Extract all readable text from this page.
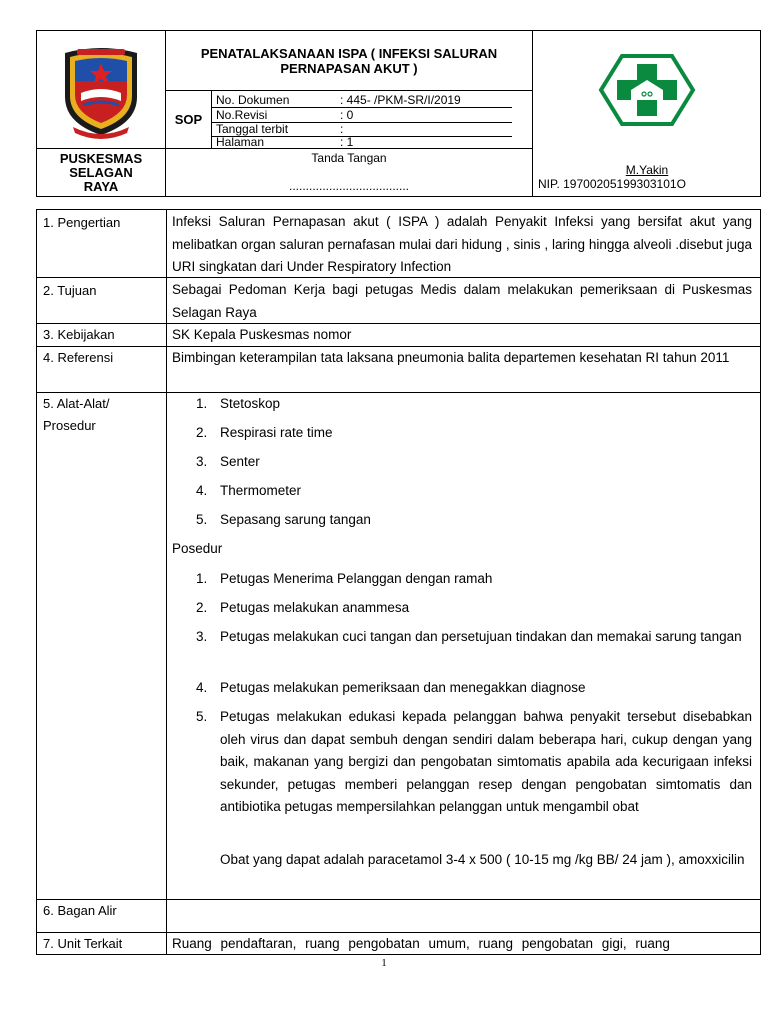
PENATALAKSANAAN ISPA ( INFEKSI SALURAN PERNAPASAN AKUT )
SOP
No. Dokumen	: 445- /PKM-SR/I/2019
No.Revisi	: 0
Tanggal terbit	:
Halaman	: 1
PUSKESMAS
SELAGAN
RAYA
Tanda Tangan
....................................
M.Yakin
NIP. 19700205199303101O
1. Pengertian	Infeksi Saluran Pernapasan akut ( ISPA ) adalah Penyakit Infeksi yang bersifat akut yang melibatkan organ saluran pernafasan mulai dari hidung , sinis , laring hingga alveoli .disebut juga URI singkatan dari Under Respiratory Infection
2. Tujuan	Sebagai Pedoman Kerja bagi petugas Medis dalam melakukan pemeriksaan di Puskesmas Selagan Raya
3. Kebijakan	SK Kepala Puskesmas nomor
4. Referensi	Bimbingan keterampilan tata laksana pneumonia balita departemen kesehatan RI tahun 2011
5. Alat-Alat/
Prosedur
1. Stetoskop
2. Respirasi rate time
3. Senter
4. Thermometer
5. Sepasang sarung tangan
Posedur
1. Petugas Menerima Pelanggan dengan ramah
2. Petugas melakukan anammesa
3. Petugas melakukan cuci tangan dan persetujuan tindakan dan memakai sarung tangan
4. Petugas melakukan pemeriksaan dan menegakkan diagnose
5. Petugas melakukan edukasi kepada pelanggan bahwa penyakit tersebut disebabkan oleh virus dan dapat sembuh dengan sendiri dalam beberapa hari, cukup dengan yang baik, makanan yang bergizi dan pengobatan simtomatis apabila ada kecurigaan infeksi sekunder, petugas memberi pelanggan resep dengan pengobatan simtomatis dan antibiotika petugas mempersilahkan pelanggan untuk mengambil obat
Obat yang dapat adalah paracetamol 3-4 x 500 ( 10-15 mg /kg BB/ 24 jam ), amoxxicilin
6. Bagan Alir
7. Unit Terkait	Ruang pendaftaran, ruang pengobatan umum, ruang pengobatan gigi, ruang
1
